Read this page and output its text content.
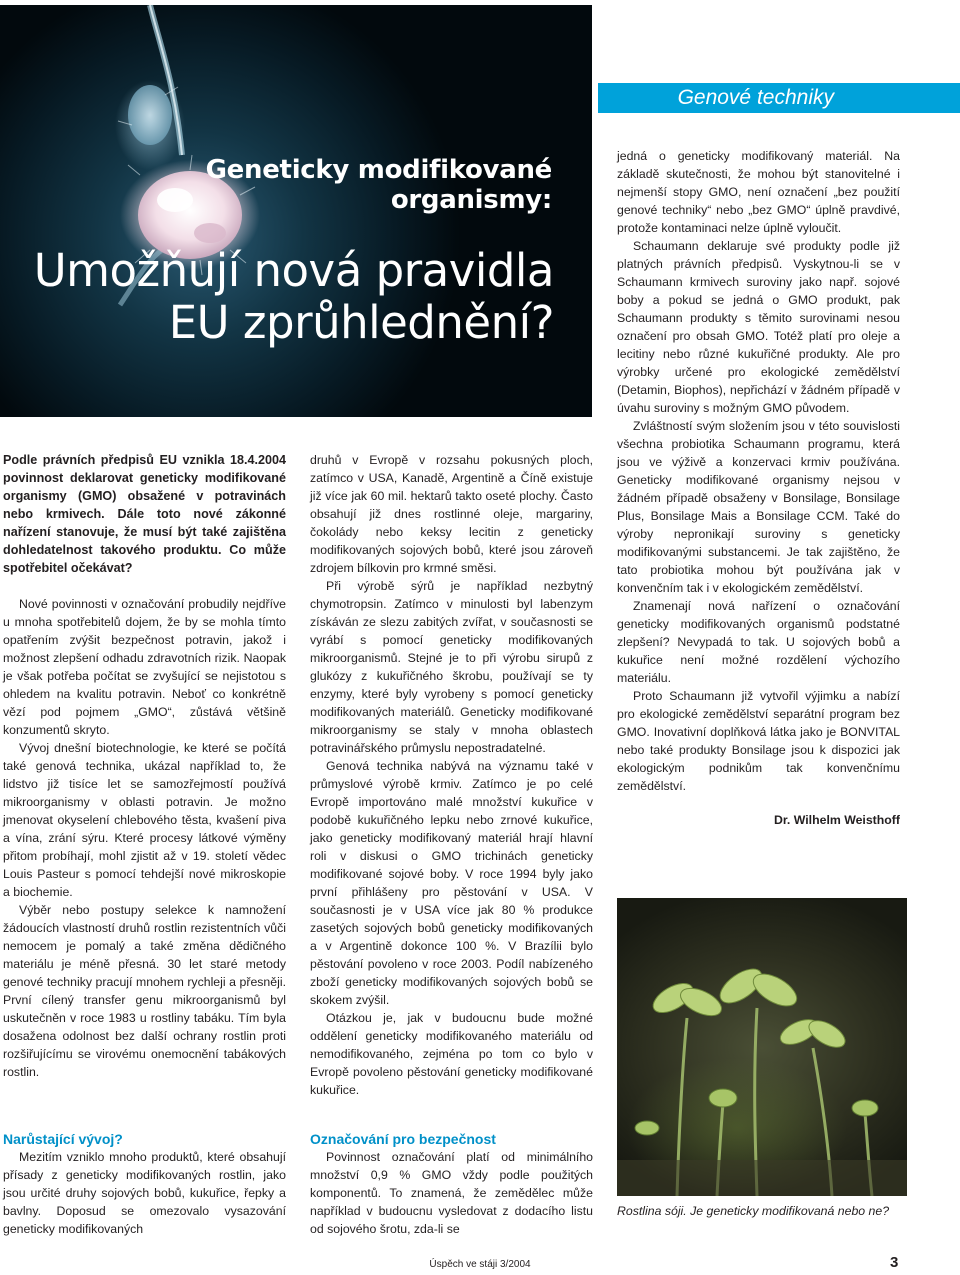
Geneticky modifikované organismy:
Umožňují nová pravidla EU zprůhlednění?
Genové techniky

Podle právních předpisů EU vznikla 18.4.2004 povinnost deklarovat geneticky modifikované organismy (GMO) obsažené v potravinách nebo krmivech. Dále toto nové zákonné nařízení stanovuje, že musí být také zajištěna dohledatelnost takového produktu. Co může spotřebitel očekávat?

Nové povinnosti v označování probudily nejdříve u mnoha spotřebitelů dojem, že by se mohla tímto opatřením zvýšit bezpečnost potravin, jakož i možnost zlepšení odhadu zdravotních rizik. Naopak je však potřeba počítat se zvyšující se nejistotou s ohledem na kvalitu potravin. Neboť co konkrétně vězí pod pojmem „GMO“, zůstává většině konzumentů skryto.

Vývoj dnešní biotechnologie, ke které se počítá také genová technika, ukázal například to, že lidstvo již tisíce let se samozřejmostí používá mikroorganismy v oblasti potravin. Je možno jmenovat okyselení chlebového těsta, kvašení piva a vína, zrání sýru. Které procesy látkové výměny přitom probíhají, mohl zjistit až v 19. století vědec Louis Pasteur s pomocí tehdejší nové mikroskopie a biochemie.

Výběr nebo postupy selekce k namnožení žádoucích vlastností druhů rostlin rezistentních vůči nemocem je pomalý a také změna dědičného materiálu je méně přesná. 30 let staré metody genové techniky pracují mnohem rychleji a přesněji. První cílený transfer genu mikroorganismů byl uskutečněn v roce 1983 u rostliny tabáku. Tím byla dosažena odolnost bez další ochrany rostlin proti rozšiřujícímu se virovému onemocnění tabákových rostlin.

Narůstající vývoj?

Mezitím vzniklo mnoho produktů, které obsahují přísady z geneticky modifikovaných rostlin, jako jsou určité druhy sojových bobů, kukuřice, řepky a bavlny. Doposud se omezovalo vysazování geneticky modifikovaných

druhů v Evropě v rozsahu pokusných ploch, zatímco v USA, Kanadě, Argentině a Číně existuje již více jak 60 mil. hektarů takto oseté plochy. Často obsahují již dnes rostlinné oleje, margariny, čokolády nebo keksy lecitin z geneticky modifikovaných sojových bobů, které jsou zároveň zdrojem bílkovin pro krmné směsi.

Při výrobě sýrů je například nezbytný chymotropsin. Zatímco v minulosti byl labenzym získáván ze slezu zabitých zvířat, v současnosti se vyrábí s pomocí geneticky modifikovaných mikroorganismů. Stejné je to při výrobu sirupů z glukózy z kukuřičného škrobu, používají se ty enzymy, které byly vyrobeny s pomocí geneticky modifikovaných materiálů. Geneticky modifikované mikroorganismy se staly v mnoha oblastech potravinářského průmyslu nepostradatelné.

Genová technika nabývá na významu také v průmyslové výrobě krmiv. Zatímco je po celé Evropě importováno malé množství kukuřice v podobě kukuřičného lepku nebo zrnové kukuřice, jako geneticky modifikovaný materiál hrají hlavní roli v diskusi o GMO trichinách geneticky modifikované sojové boby. V roce 1994 byly jako první přihlášeny pro pěstování v USA. V současnosti je v USA více jak 80 % produkce zasetých sojových bobů geneticky modifikovaných a v Argentině dokonce 100 %. V Brazílii bylo pěstování povoleno v roce 2003. Podíl nabízeného zboží geneticky modifikovaných sojových bobů se skokem zvýšil.

Otázkou je, jak v budoucnu bude možné oddělení geneticky modifikovaného materiálu od nemodifikovaného, zejména po tom co bylo v Evropě povoleno pěstování geneticky modifikované kukuřice.

Označování pro bezpečnost

Povinnost označování platí od minimálního množství 0,9 % GMO vždy podle použitých komponentů. To znamená, že zemědělec může například v budoucnu vysledovat z dodacího listu od sojového šrotu, zda-li se

jedná o geneticky modifikovaný materiál. Na základě skutečnosti, že mohou být stanovitelné i nejmenší stopy GMO, není označení „bez použití genové techniky“ nebo „bez GMO“ úplně pravdivé, protože kontaminaci nelze úplně vyloučit.

Schaumann deklaruje své produkty podle již platných právních předpisů. Vyskytnou-li se v Schaumann krmivech suroviny jako např. sojové boby a pokud se jedná o GMO produkt, pak Schaumann produkty s těmito surovinami nesou označení pro obsah GMO. Totéž platí pro oleje a lecitiny nebo různé kukuřičné produkty. Ale pro výrobky určené pro ekologické zemědělství (Detamin, Biophos), nepřichází v žádném případě v úvahu suroviny s možným GMO původem.

Zvláštností svým složením jsou v této souvislosti všechna probiotika Schaumann programu, která jsou ve výživě a konzervaci krmiv používána. Geneticky modifikované organismy nejsou v žádném případě obsaženy v Bonsilage, Bonsilage Plus, Bonsilage Mais a Bonsilage CCM. Také do výroby nepronikají suroviny s geneticky modifikovanými substancemi. Je tak zajištěno, že tato probiotika mohou být používána jak v konvenčním tak i v ekologickém zemědělství.

Znamenají nová nařízení o označování geneticky modifikovaných organismů podstatné zlepšení? Nevypadá to tak. U sojových bobů a kukuřice není možné rozdělení výchozího materiálu.

Proto Schaumann již vytvořil výjimku a nabízí pro ekologické zemědělství separátní program bez GMO. Inovativní doplňková látka jako je BONVITAL nebo také produkty Bonsilage jsou k dispozici jak ekologickým podnikům tak konvenčnímu zemědělství.

Dr. Wilhelm Weisthoff

Rostlina sóji. Je geneticky modifikovaná nebo ne?
Úspěch ve stáji 3/2004	3
